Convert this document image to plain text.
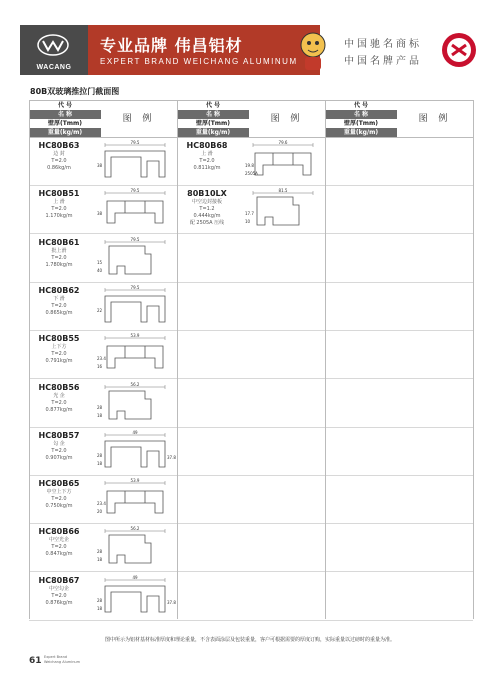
WACANG
专业品牌 伟昌铝材
EXPERT BRAND WEICHANG ALUMINUM
中国驰名商标
中国名牌产品
80B双玻璃推拉门截面图
代 号
名 称
壁厚(Tmm)
重量(kg/m)
图 例
HC80B63
边 封
T=2.0
0.86kg/m
79.5
38
HC80B51
上 滑
T=2.0
1.170kg/m
79.5
38
HC80B61
批上滑
T=2.0
1.780kg/m
79.5
15
40
HC80B62
下 滑
T=2.0
0.865kg/m
79.5
22
HC80B55
上下方
T=2.0
0.791kg/m
53.9
23.4
16
HC80B56
光 企
T=2.0
0.877kg/m
56.2
28
18
HC80B57
勾 企
T=2.0
0.907kg/m
49
28
18
37.8
HC80B65
中空上下方
T=2.0
0.750kg/m
53.9
23.4
20
HC80B66
中空光企
T=2.0
0.847kg/m
56.2
28
18
HC80B67
中空勾企
T=2.0
0.876kg/m
49
28
18
37.8
代 号
名 称
壁厚(Tmm)
重量(kg/m)
图 例
HC80B68
上 滑
T=2.0
0.811kg/m
79.6
19.8
2505A
80B10LX
中空边封接板
T=1.2
0.444kg/m
配 2505A 压线
81.5
17.7
10
代 号
名 称
壁厚(Tmm)
重量(kg/m)
图 例
图中所示为铝材基材标准厚度和理论重量，不含表面涂层及包装重量，客户可根据需要的厚度订购，实际重量以过磅时的重量为准。
61 Expert Brand
Weichang Aluminum
